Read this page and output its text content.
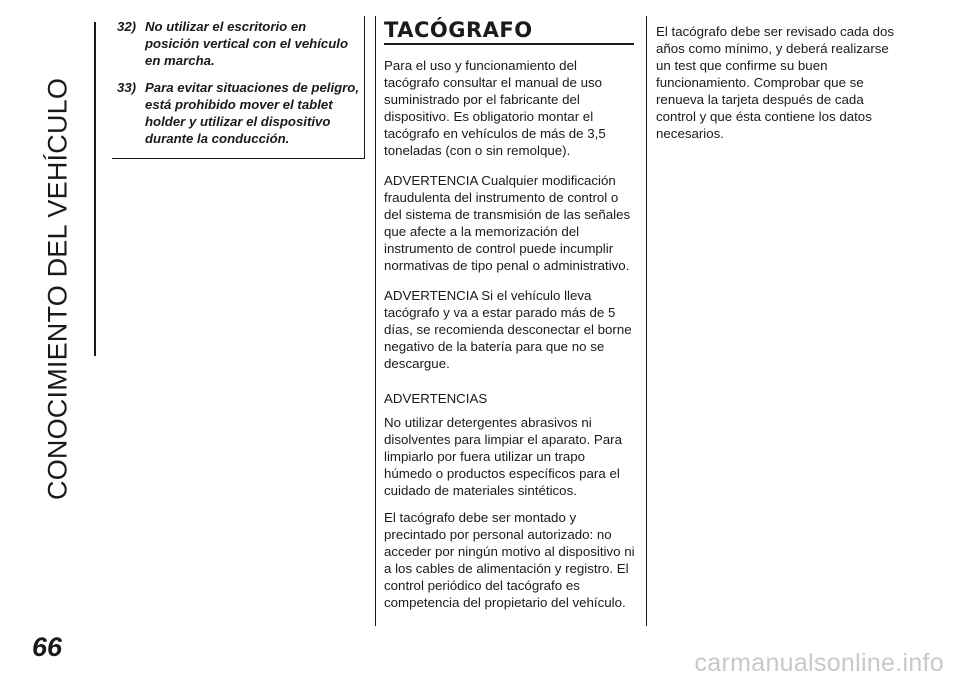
CONOCIMIENTO DEL VEHÍCULO
66
32) No utilizar el escritorio en posición vertical con el vehículo en marcha.
33) Para evitar situaciones de peligro, está prohibido mover el tablet holder y utilizar el dispositivo durante la conducción.
TACÓGRAFO

Para el uso y funcionamiento del tacógrafo consultar el manual de uso suministrado por el fabricante del dispositivo. Es obligatorio montar el tacógrafo en vehículos de más de 3,5 toneladas (con o sin remolque).

ADVERTENCIA Cualquier modificación fraudulenta del instrumento de control o del sistema de transmisión de las señales que afecte a la memorización del instrumento de control puede incumplir normativas de tipo penal o administrativo.

ADVERTENCIA Si el vehículo lleva tacógrafo y va a estar parado más de 5 días, se recomienda desconectar el borne negativo de la batería para que no se descargue.

ADVERTENCIAS

No utilizar detergentes abrasivos ni disolventes para limpiar el aparato. Para limpiarlo por fuera utilizar un trapo húmedo o productos específicos para el cuidado de materiales sintéticos.

El tacógrafo debe ser montado y precintado por personal autorizado: no acceder por ningún motivo al dispositivo ni a los cables de alimentación y registro. El control periódico del tacógrafo es competencia del propietario del vehículo.

El tacógrafo debe ser revisado cada dos años como mínimo, y deberá realizarse un test que confirme su buen funcionamiento. Comprobar que se renueva la tarjeta después de cada control y que ésta contiene los datos necesarios.

carmanualsonline.info
